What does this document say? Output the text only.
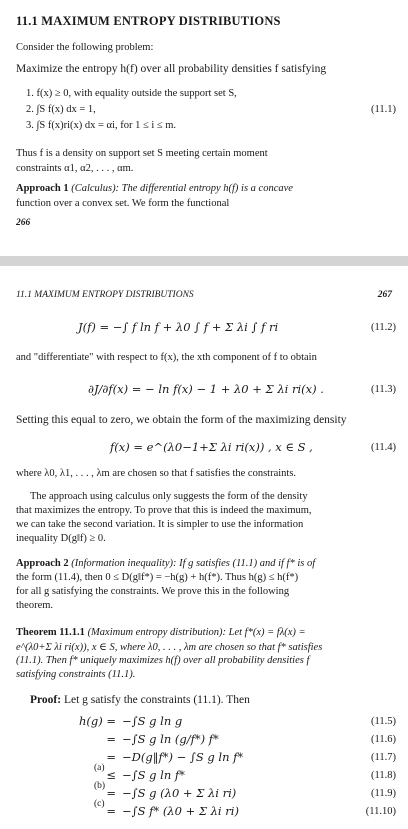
11.1 MAXIMUM ENTROPY DISTRIBUTIONS
Consider the following problem:
Maximize the entropy h(f) over all probability densities f satisfying
1. f(x) ≥ 0, with equality outside the support set S,
2. ∫S f(x) dx = 1,
3. ∫S f(x)ri(x) dx = αi, for 1 ≤ i ≤ m.
(11.1)
Thus f is a density on support set S meeting certain moment
constraints α1, α2, . . . , αm.
Approach 1 (Calculus): The differential entropy h(f) is a concave
function over a convex set. We form the functional
266
11.1 MAXIMUM ENTROPY DISTRIBUTIONS	267
J(f) = −∫ f ln f + λ0 ∫ f + Σ λi ∫ f ri	(11.2)
and "differentiate" with respect to f(x), the xth component of f to obtain
∂J/∂f(x) = − ln f(x) − 1 + λ0 + Σ λi ri(x) .	(11.3)
Setting this equal to zero, we obtain the form of the maximizing density
f(x) = e^(λ0−1+Σ λi ri(x)) , x ∈ S ,	(11.4)
where λ0, λ1, . . . , λm are chosen so that f satisfies the constraints.
The approach using calculus only suggests the form of the density
that maximizes the entropy. To prove that this is indeed the maximum,
we can take the second variation. It is simpler to use the information
inequality D(g‖f) ≥ 0.
Approach 2 (Information inequality): If g satisfies (11.1) and if f* is of
the form (11.4), then 0 ≤ D(g‖f*) = −h(g) + h(f*). Thus h(g) ≤ h(f*)
for all g satisfying the constraints. We prove this in the following
theorem.
Theorem 11.1.1 (Maximum entropy distribution): Let f*(x) = fλ(x) =
e^(λ0+Σ λi ri(x)), x ∈ S, where λ0, . . . , λm are chosen so that f* satisfies
(11.1). Then f* uniquely maximizes h(f) over all probability densities f
satisfying constraints (11.1).
Proof: Let g satisfy the constraints (11.1). Then
h(g) = −∫S g ln g	(11.5)
= −∫S g ln (g/f*) f*	(11.6)
= −D(g‖f*) − ∫S g ln f*	(11.7)
(a) ≤ −∫S g ln f*	(11.8)
(b) = −∫S g (λ0 + Σ λi ri)	(11.9)
(c) = −∫S f* (λ0 + Σ λi ri)	(11.10)
